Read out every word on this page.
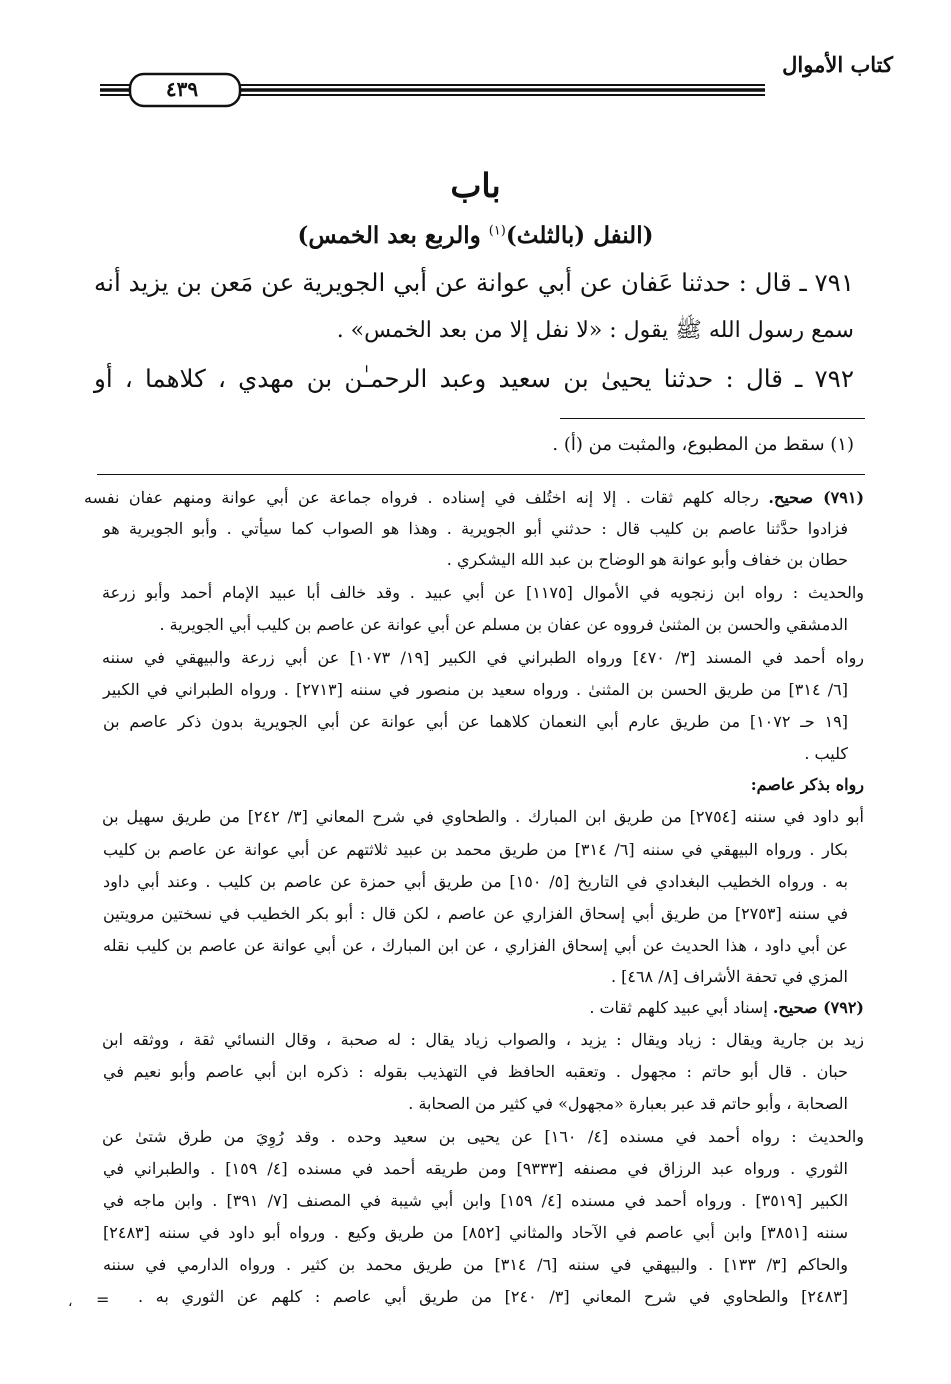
كتاب الأموال
٤٣٩
باب
(النفل (بالثلث)$^{(١)}$ والربع بعد الخمس)
٧٩١ ـ قال : حدثنا عَفان عن أبي عوانة عن أبي الجويرية عن مَعن بن يزيد أنه
سمع رسول الله ﷺ يقول : «لا نفل إلا من بعد الخمس» .
٧٩٢ ـ قال : حدثنا يحيىٰ بن سعيد وعبد الرحمـٰن بن مهدي ، كلاهما ، أو
(١) سقط من المطبوع، والمثبت من (أ) .
(٧٩١) صحيح. رجاله كلهم ثقات . إلا إنه اختُلف في إسناده . فرواه جماعة عن أبي عوانة ومنهم عفان نفسه
فزادوا حدَّثنا عاصم بن كليب قال : حدثني أبو الجويرية . وهذا هو الصواب كما سيأتي . وأبو الجويرية هو
حطان بن خفاف وأبو عوانة هو الوضاح بن عبد الله اليشكري .
والحديث : رواه ابن زنجويه في الأموال [١١٧٥] عن أبي عبيد . وقد خالف أبا عبيد الإمام أحمد وأبو زرعة
الدمشقي والحسن بن المثنىٰ فرووه عن عفان بن مسلم عن أبي عوانة عن عاصم بن كليب أبي الجويرية .
رواه أحمد في المسند [٣/ ٤٧٠] ورواه الطبراني في الكبير [١٩/ ١٠٧٣] عن أبي زرعة والبيهقي في سننه
[٦/ ٣١٤] من طريق الحسن بن المثنىٰ . ورواه سعيد بن منصور في سننه [٢٧١٣] . ورواه الطبراني في الكبير
[١٩ حـ ١٠٧٢] من طريق عارم أبي النعمان كلاهما عن أبي عوانة عن أبي الجويرية بدون ذكر عاصم بن
كليب .
رواه بذكر عاصم:
أبو داود في سننه [٢٧٥٤] من طريق ابن المبارك . والطحاوي في شرح المعاني [٣/ ٢٤٢] من طريق سهيل بن
بكار . ورواه البيهقي في سننه [٦/ ٣١٤] من طريق محمد بن عبيد ثلاثتهم عن أبي عوانة عن عاصم بن كليب
به . ورواه الخطيب البغدادي في التاريخ [٥/ ١٥٠] من طريق أبي حمزة عن عاصم بن كليب . وعند أبي داود
في سننه [٢٧٥٣] من طريق أبي إسحاق الفزاري عن عاصم ، لكن قال : أبو بكر الخطيب في نسختين مرويتين
عن أبي داود ، هذا الحديث عن أبي إسحاق الفزاري ، عن ابن المبارك ، عن أبي عوانة عن عاصم بن كليب نقله
المزي في تحفة الأشراف [٨/ ٤٦٨] .
(٧٩٢) صحيح. إسناد أبي عبيد كلهم ثقات .
زيد بن جارية ويقال : زياد ويقال : يزيد ، والصواب زياد يقال : له صحبة ، وقال النسائي ثقة ، ووثقه ابن
حبان . قال أبو حاتم : مجهول . وتعقبه الحافظ في التهذيب بقوله : ذكره ابن أبي عاصم وأبو نعيم في
الصحابة ، وأبو حاتم قد عبر بعبارة «مجهول» في كثير من الصحابة .
والحديث : رواه أحمد في مسنده [٤/ ١٦٠] عن يحيى بن سعيد وحده . وقد رُوِيَ من طرق شتىٰ عن
الثوري . ورواه عبد الرزاق في مصنفه [٩٣٣٣] ومن طريقه أحمد في مسنده [٤/ ١٥٩] . والطبراني في
الكبير [٣٥١٩] . ورواه أحمد في مسنده [٤/ ١٥٩] وابن أبي شيبة في المصنف [٧/ ٣٩١] . وابن ماجه في
سننه [٣٨٥١] وابن أبي عاصم في الآحاد والمثاني [٨٥٢] من طريق وكيع . ورواه أبو داود في سننه [٢٤٨٣]
والحاكم [٣/ ١٣٣] . والبيهقي في سننه [٦/ ٣١٤] من طريق محمد بن كثير . ورواه الدارمي في سننه
[٢٤٨٣] والطحاوي في شرح المعاني [٣/ ٢٤٠] من طريق أبي عاصم : كلهم عن الثوري به .
=
،
